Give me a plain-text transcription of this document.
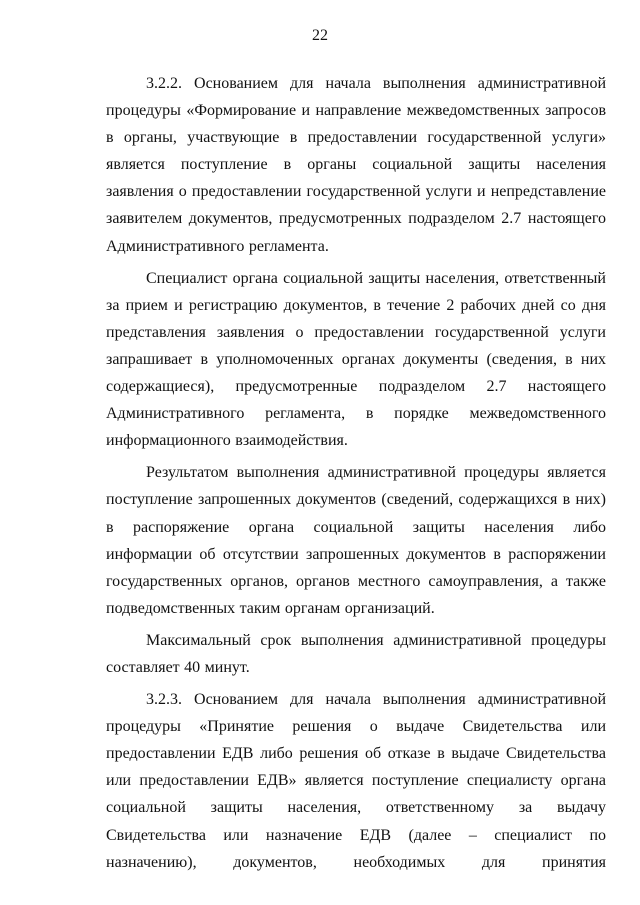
22

3.2.2. Основанием для начала выполнения административной процедуры «Формирование и направление межведомственных запросов в органы, участвующие в предоставлении государственной услуги» является поступление в органы социальной защиты населения заявления о предоставлении государственной услуги и непредставление заявителем документов, предусмотренных подразделом 2.7 настоящего Административного регламента.

Специалист органа социальной защиты населения, ответственный за прием и регистрацию документов, в течение 2 рабочих дней со дня представления заявления о предоставлении государственной услуги запрашивает в уполномоченных органах документы (сведения, в них содержащиеся), предусмотренные подразделом 2.7 настоящего Административного регламента, в порядке межведомственного информационного взаимодействия.

Результатом выполнения административной процедуры является поступление запрошенных документов (сведений, содержащихся в них) в распоряжение органа социальной защиты населения либо информации об отсутствии запрошенных документов в распоряжении государственных органов, органов местного самоуправления, а также подведомственных таким органам организаций.

Максимальный срок выполнения административной процедуры составляет 40 минут.

3.2.3. Основанием для начала выполнения административной процедуры «Принятие решения о выдаче Свидетельства или предоставлении ЕДВ либо решения об отказе в выдаче Свидетельства или предоставлении ЕДВ» является поступление специалисту органа социальной защиты населения, ответственному за выдачу Свидетельства или назначение ЕДВ (далее – специалист по назначению), документов, необходимых для принятия
